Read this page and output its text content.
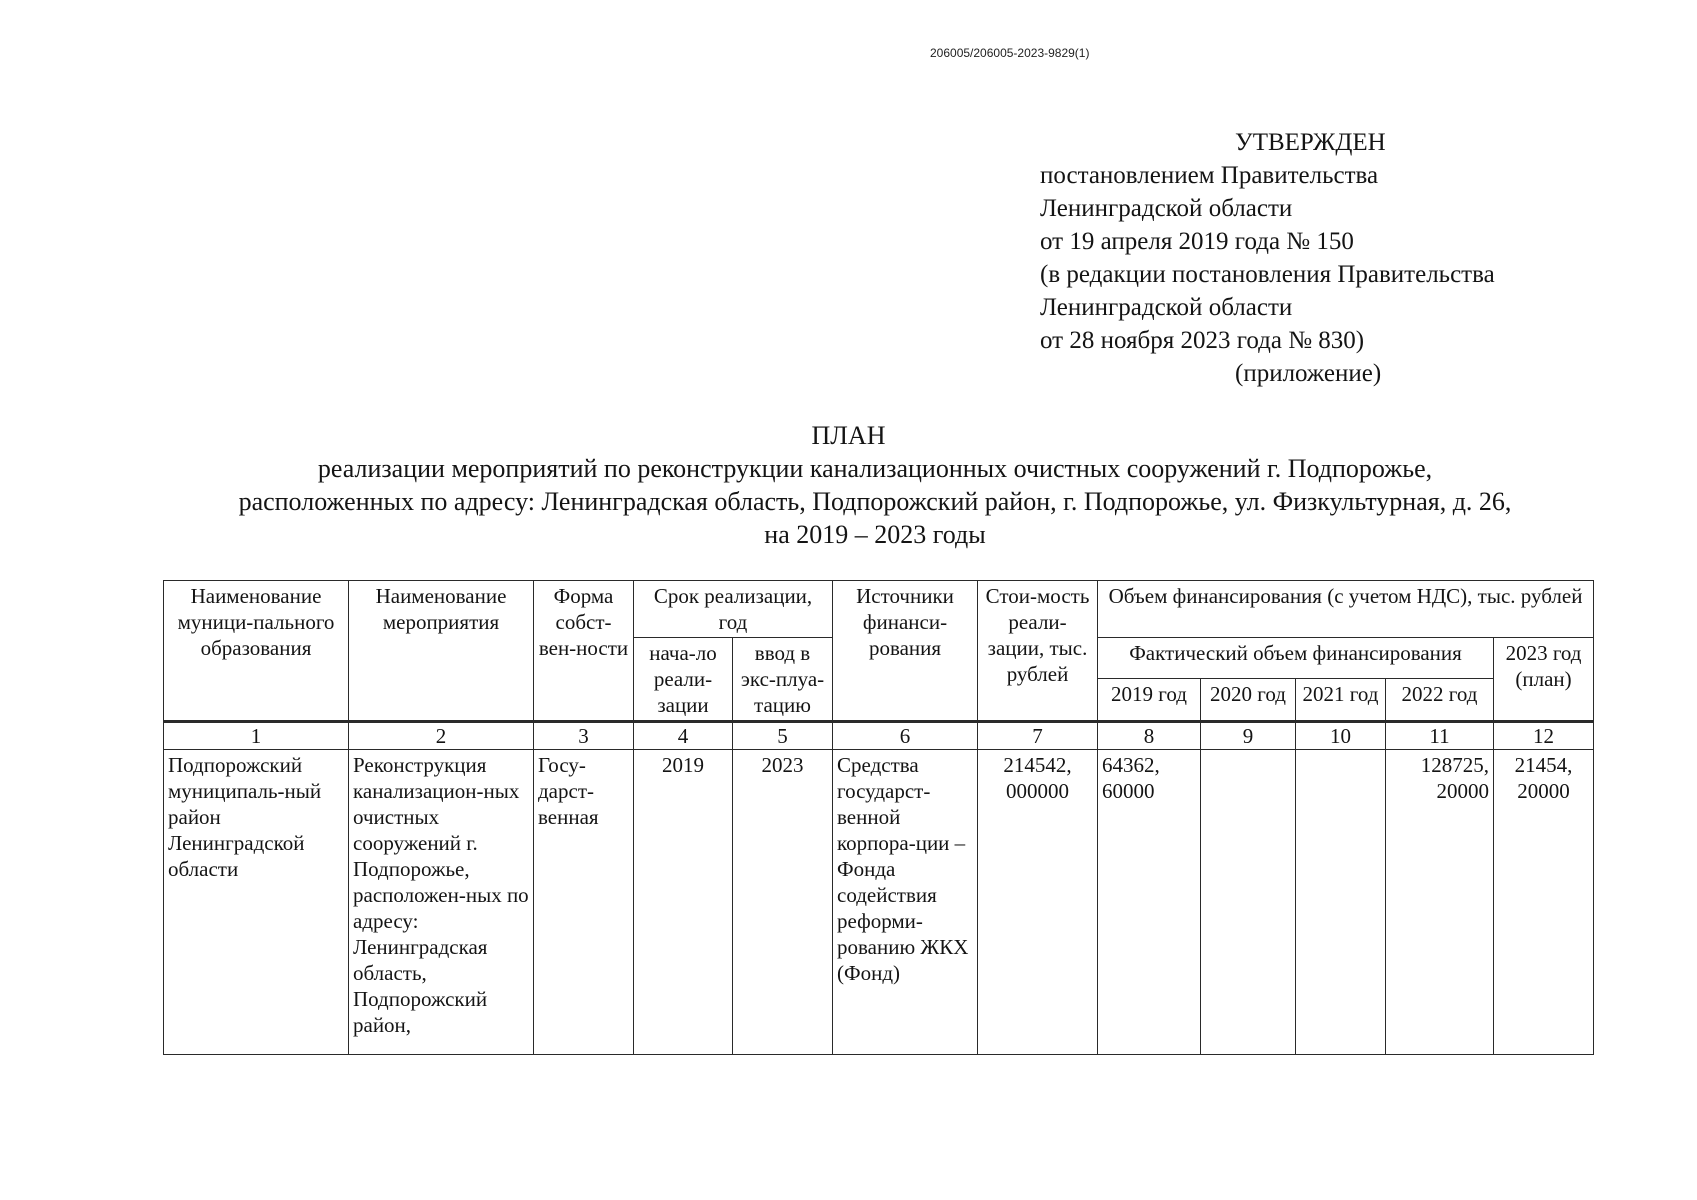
206005/206005-2023-9829(1)
УТВЕРЖДЕН
постановлением Правительства
Ленинградской области
от 19 апреля 2019 года № 150
(в редакции постановления Правительства
Ленинградской области
от 28 ноября 2023 года № 830)
(приложение)
ПЛАН
реализации мероприятий по реконструкции канализационных очистных сооружений г. Подпорожье,
расположенных по адресу: Ленинградская область, Подпорожский район, г. Подпорожье, ул. Физкультурная, д. 26,
на 2019 – 2023 годы
Наименование муници-пального образования	Наименование мероприятия	Форма собст-вен-ности	Срок реализации, год		Источники финанси-рования	Стои-мость реали-зации, тыс. рублей	Объем финансирования (с учетом НДС), тыс. рублей				
			нача-ло реали-зации	ввод в экс-плуа-тацию			Фактический объем финансирования				2023 год (план)
							2019 год	2020 год	2021 год	2022 год	
1	2	3	4	5	6	7	8	9	10	11	12
Подпорожский муниципаль-ный район Ленинградской области	Реконструкция канализацион-ных очистных сооружений г. Подпорожье, расположен-ных по адресу: Ленинградская область, Подпорожский район,	Госу-дарст-венная	2019	2023	Средства государст-венной корпора-ции – Фонда содействия реформи-рованию ЖКХ (Фонд)	214542, 000000	64362, 60000			128725, 20000	21454, 20000
